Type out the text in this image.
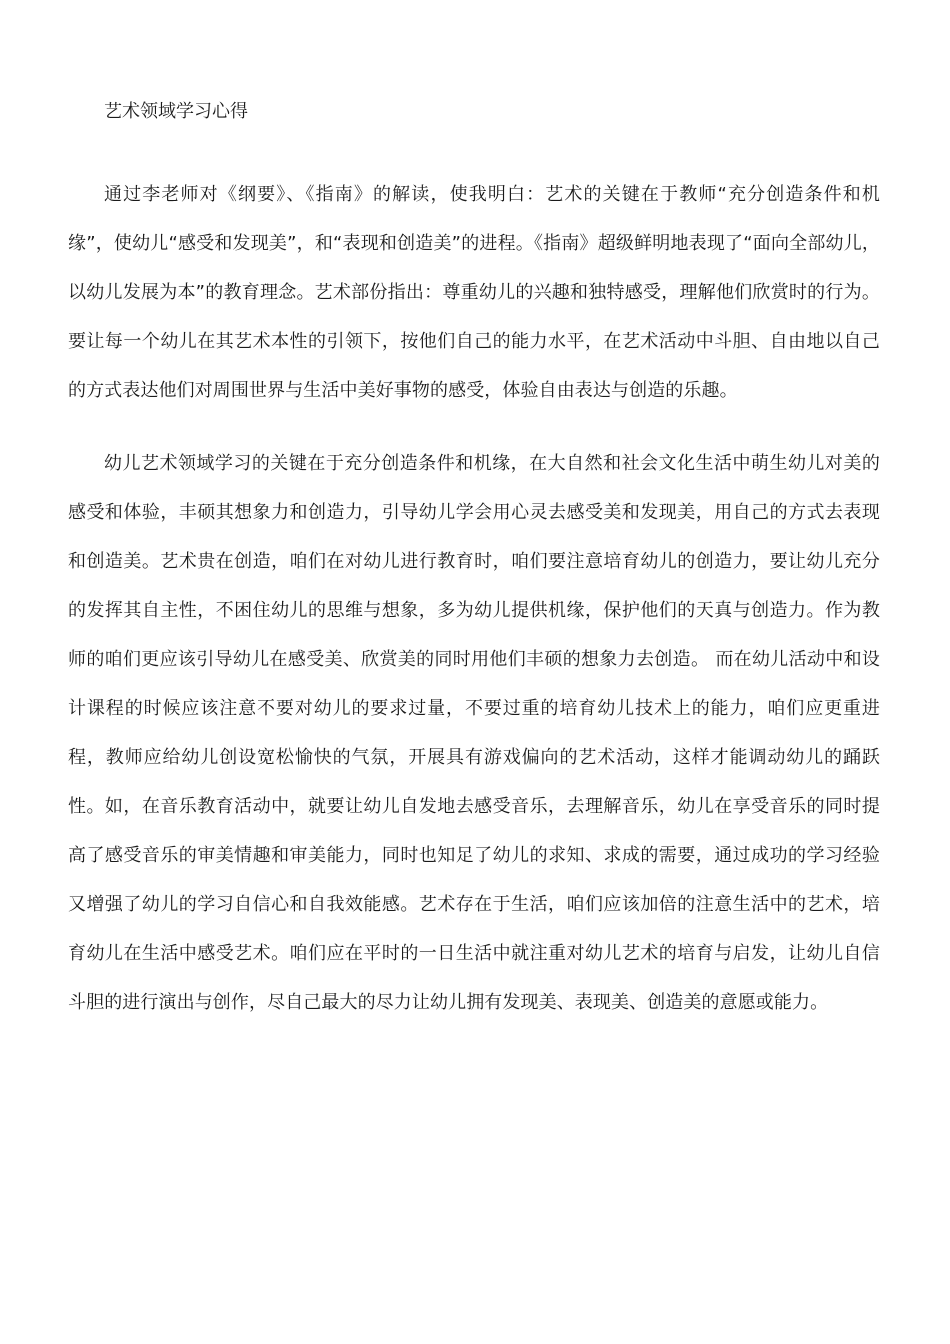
艺术领域学习心得

通过李老师对《纲要》、《指南》的解读，使我明白：艺术的关键在于教师“充分创造条件和机缘”，使幼儿“感受和发现美”，和“表现和创造美”的进程。《指南》超级鲜明地表现了“面向全部幼儿，以幼儿发展为本”的教育理念。艺术部份指出：尊重幼儿的兴趣和独特感受，理解他们欣赏时的行为。要让每一个幼儿在其艺术本性的引领下，按他们自己的能力水平，在艺术活动中斗胆、自由地以自己的方式表达他们对周围世界与生活中美好事物的感受，体验自由表达与创造的乐趣。

幼儿艺术领域学习的关键在于充分创造条件和机缘，在大自然和社会文化生活中萌生幼儿对美的感受和体验，丰硕其想象力和创造力，引导幼儿学会用心灵去感受美和发现美，用自己的方式去表现和创造美。艺术贵在创造，咱们在对幼儿进行教育时，咱们要注意培育幼儿的创造力，要让幼儿充分的发挥其自主性，不困住幼儿的思维与想象，多为幼儿提供机缘，保护他们的天真与创造力。作为教师的咱们更应该引导幼儿在感受美、欣赏美的同时用他们丰硕的想象力去创造。 而在幼儿活动中和设计课程的时候应该注意不要对幼儿的要求过量，不要过重的培育幼儿技术上的能力，咱们应更重进程，教师应给幼儿创设宽松愉快的气氛，开展具有游戏偏向的艺术活动，这样才能调动幼儿的踊跃性。如，在音乐教育活动中，就要让幼儿自发地去感受音乐，去理解音乐，幼儿在享受音乐的同时提高了感受音乐的审美情趣和审美能力，同时也知足了幼儿的求知、求成的需要，通过成功的学习经验又增强了幼儿的学习自信心和自我效能感。艺术存在于生活，咱们应该加倍的注意生活中的艺术，培育幼儿在生活中感受艺术。咱们应在平时的一日生活中就注重对幼儿艺术的培育与启发，让幼儿自信斗胆的进行演出与创作，尽自己最大的尽力让幼儿拥有发现美、表现美、创造美的意愿或能力。
